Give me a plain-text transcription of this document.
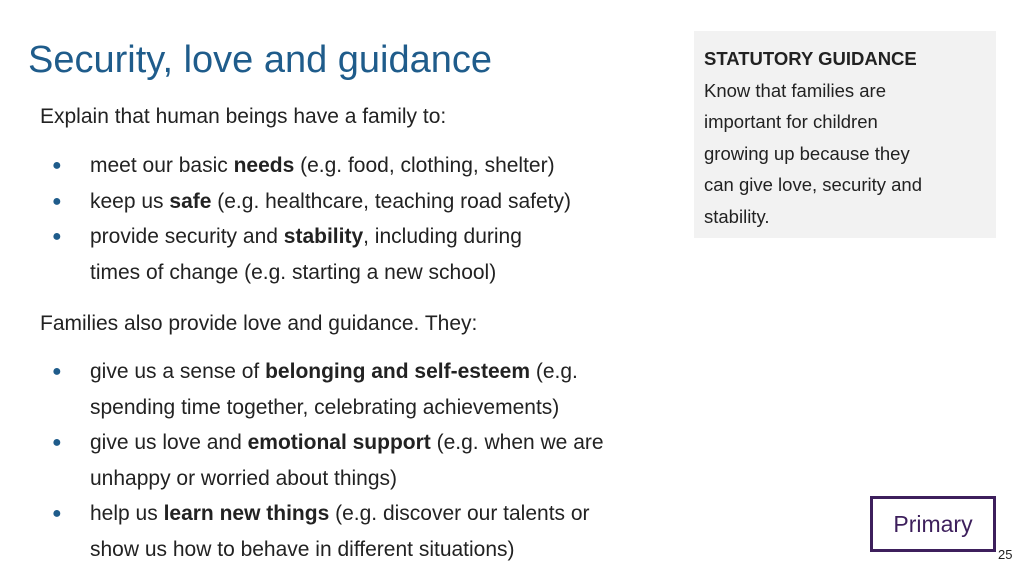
Security, love and guidance
Explain that human beings have a family to:
● meet our basic needs (e.g. food, clothing, shelter)
● keep us safe (e.g. healthcare, teaching road safety)
● provide security and stability, including during
times of change (e.g. starting a new school)
Families also provide love and guidance. They:
● give us a sense of belonging and self-esteem (e.g.
spending time together, celebrating achievements)
● give us love and emotional support (e.g. when we are
unhappy or worried about things)
● help us learn new things (e.g. discover our talents or
show us how to behave in different situations)
STATUTORY GUIDANCE
Know that families are
important for children
growing up because they
can give love, security and
stability.
Primary
25
